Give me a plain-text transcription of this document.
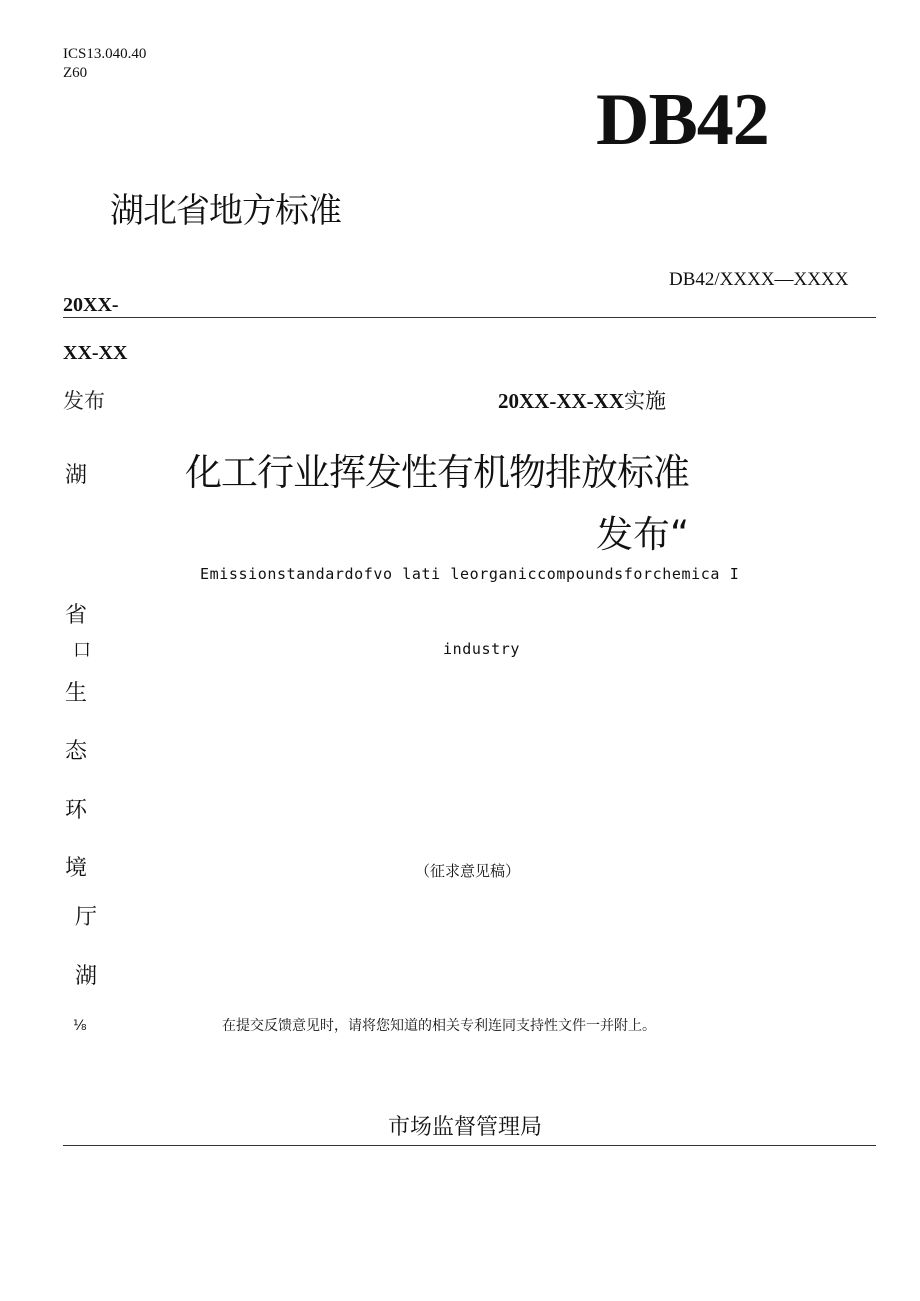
ICS13.040.40
Z60
DB42
湖北省地方标准
DB42/XXXX—XXXX
20XX-
XX-XX
发布	20XX-XX-XX实施
化工行业挥发性有机物排放标准
发布“
Emissionstandardofvo lati leorganiccompoundsforchemica I
industry
湖
省
口
生
态
环
境
厅
湖
⅛
（征求意见稿）
在提交反馈意见时，请将您知道的相关专利连同支持性文件一并附上。
市场监督管理局
